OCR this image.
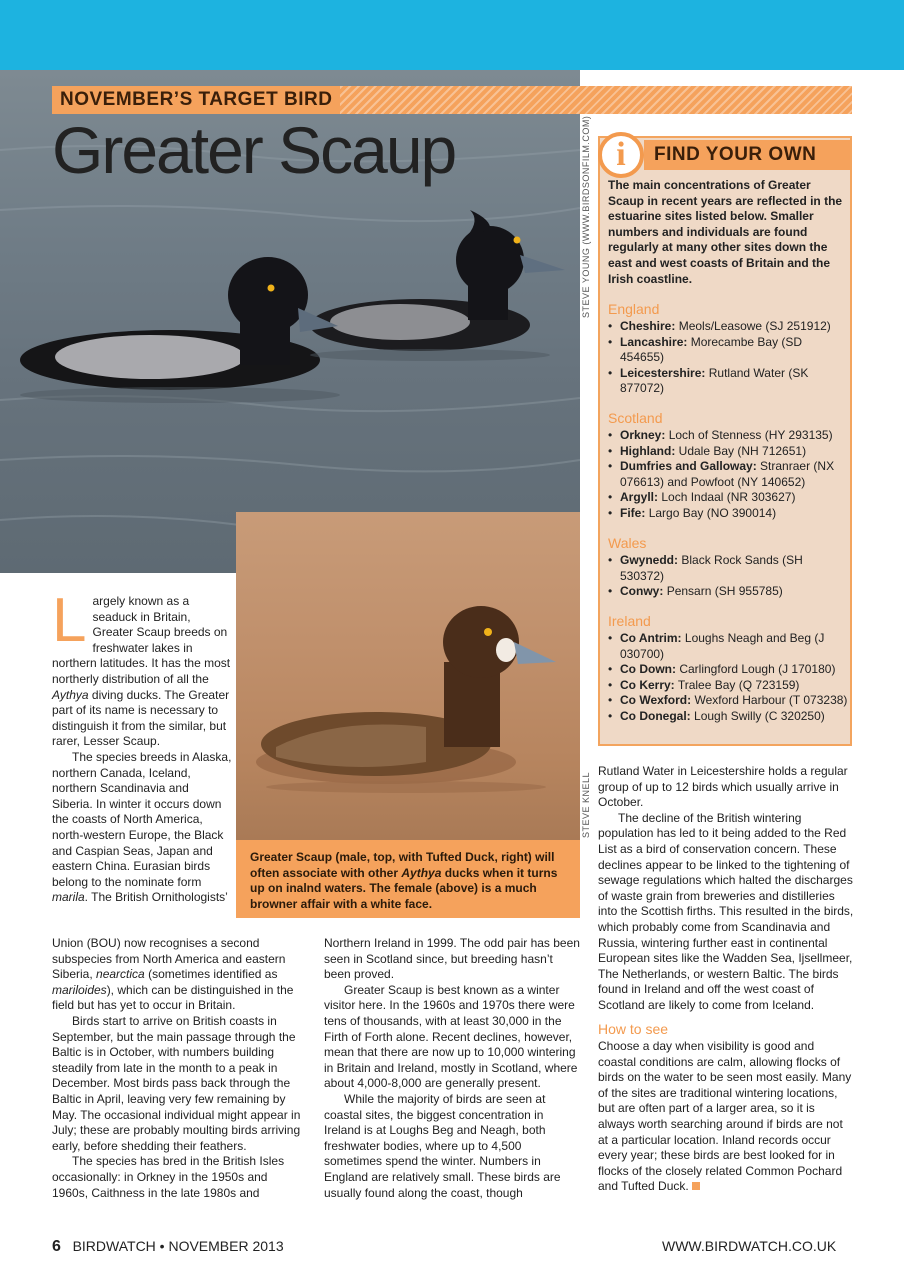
NOVEMBER’S TARGET BIRD
Greater Scaup	STEVE YOUNG (WWW.BIRDSONFILM.COM) i	FIND YOUR OWN
The main concentrations of Greater Scaup in recent years are reflected in the estuarine sites listed below. Smaller numbers and individuals are found regularly at many other sites down the east and west coasts of Britain and the Irish coastline.
England
• Cheshire: Meols/Leasowe (SJ 251912)
• Lancashire: Morecambe Bay (SD 454655)
• Leicestershire: Rutland Water (SK 877072)
Scotland
• Orkney: Loch of Stenness (HY 293135)
• Highland: Udale Bay (NH 712651)
• Dumfries and Galloway: Stranraer (NX 076613) and Powfoot (NY 140652)
• Argyll: Loch Indaal (NR 303627)
• Fife: Largo Bay (NO 390014)
Wales
• Gwynedd: Black Rock Sands (SH 530372)
• Conwy: Pensarn (SH 955785)
Ireland
• Co Antrim: Loughs Neagh and Beg (J 030700)
• Co Down: Carlingford Lough (J 170180)
• Co Kerry: Tralee Bay (Q 723159)
• Co Wexford: Wexford Harbour (T 073238)
• Co Donegal: Lough Swilly (C 320250)
STEVE KNELL
Greater Scaup (male, top, with Tufted Duck, right) will often associate with other Aythya ducks when it turns up on inalnd waters. The female (above) is a much browner affair with a white face.
L argely known as a seaduck in Britain, Greater Scaup breeds on freshwater lakes in northern latitudes. It has the most northerly distribution of all the Aythya diving ducks. The Greater part of its name is necessary to distinguish it from the similar, but rarer, Lesser Scaup.

The species breeds in Alaska, northern Canada, Iceland, northern Scandinavia and Siberia. In winter it occurs down the coasts of North America, north-western Europe, the Black and Caspian Seas, Japan and eastern China. Eurasian birds belong to the nominate form marila. The British Ornithologists’

Union (BOU) now recognises a second subspecies from North America and eastern Siberia, nearctica (sometimes identified as mariloides), which can be distinguished in the field but has yet to occur in Britain.

Birds start to arrive on British coasts in September, but the main passage through the Baltic is in October, with numbers building steadily from late in the month to a peak in December. Most birds pass back through the Baltic in April, leaving very few remaining by May. The occasional individual might appear in July; these are probably moulting birds arriving early, before shedding their feathers.

The species has bred in the British Isles occasionally: in Orkney in the 1950s and 1960s, Caithness in the late 1980s and

Northern Ireland in 1999. The odd pair has been seen in Scotland since, but breeding hasn’t been proved.

Greater Scaup is best known as a winter visitor here. In the 1960s and 1970s there were tens of thousands, with at least 30,000 in the Firth of Forth alone. Recent declines, however, mean that there are now up to 10,000 wintering in Britain and Ireland, mostly in Scotland, where about 4,000-8,000 are generally present.

While the majority of birds are seen at coastal sites, the biggest concentration in Ireland is at Loughs Beg and Neagh, both freshwater bodies, where up to 4,500 sometimes spend the winter. Numbers in England are relatively small. These birds are usually found along the coast, though

Rutland Water in Leicestershire holds a regular group of up to 12 birds which usually arrive in October.

The decline of the British wintering population has led to it being added to the Red List as a bird of conservation concern. These declines appear to be linked to the tightening of sewage regulations which halted the discharges of waste grain from breweries and distilleries into the Scottish firths. This resulted in the birds, which probably come from Scandinavia and Russia, wintering further east in continental European sites like the Wadden Sea, Ijsellmeer, The Netherlands, or western Baltic. The birds found in Ireland and off the west coast of Scotland are likely to come from Iceland.

How to see

Choose a day when visibility is good and coastal conditions are calm, allowing flocks of birds on the water to be seen most easily. Many of the sites are traditional wintering locations, but are often part of a larger area, so it is always worth searching around if birds are not at a particular location. Inland records occur every year; these birds are best looked for in flocks of the closely related Common Pochard and Tufted Duck.

6 BIRDWATCH • NOVEMBER 2013	WWW.BIRDWATCH.CO.UK
